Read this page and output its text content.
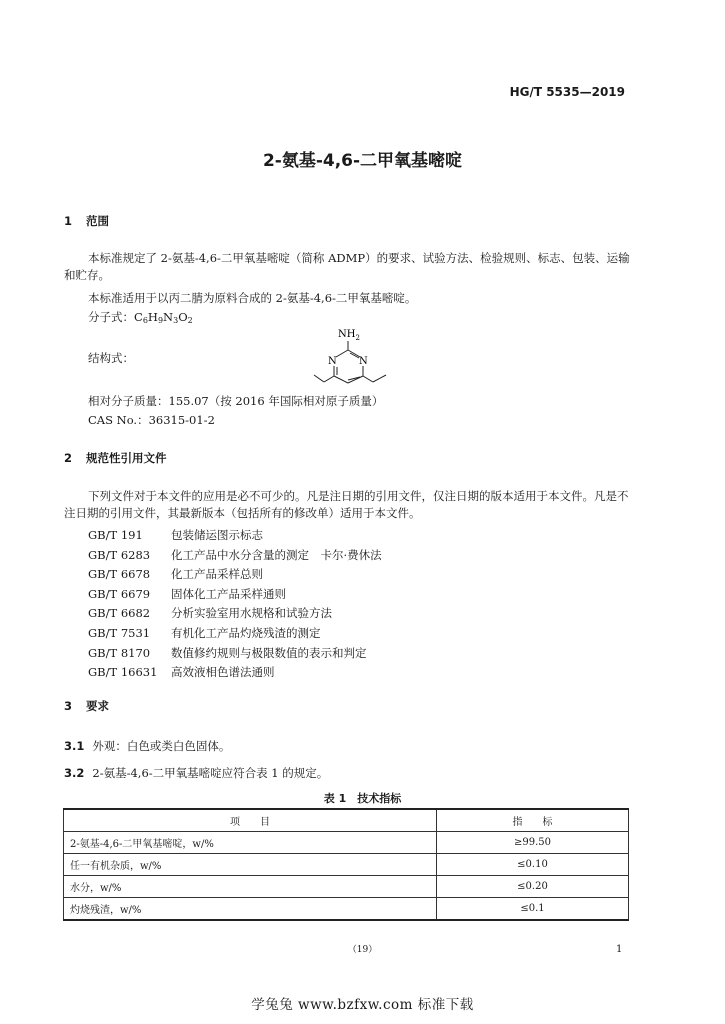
HG/T 5535—2019
2-氨基-4,6-二甲氧基嘧啶
1 范围
本标准规定了 2-氨基-4,6-二甲氧基嘧啶（简称 ADMP）的要求、试验方法、检验规则、标志、包装、运输和贮存。
本标准适用于以丙二腈为原料合成的 2-氨基-4,6-二甲氧基嘧啶。
分子式：$C_6H_9N_3O_2$
结构式：
$NH_2$
N N
相对分子质量：155.07（按 2016 年国际相对原子质量）
CAS No.：36315-01-2
2 规范性引用文件
下列文件对于本文件的应用是必不可少的。凡是注日期的引用文件，仅注日期的版本适用于本文件。凡是不注日期的引用文件，其最新版本（包括所有的修改单）适用于本文件。
GB/T 191 包装储运图示标志
GB/T 6283 化工产品中水分含量的测定　卡尔·费休法
GB/T 6678 化工产品采样总则
GB/T 6679 固体化工产品采样通则
GB/T 6682 分析实验室用水规格和试验方法
GB/T 7531 有机化工产品灼烧残渣的测定
GB/T 8170 数值修约规则与极限数值的表示和判定
GB/T 16631 高效液相色谱法通则
3 要求
3.1 外观：白色或类白色固体。
3.2 2-氨基-4,6-二甲氧基嘧啶应符合表 1 的规定。
表 1　技术指标
项　　目	指　　标
2-氨基-4,6-二甲氧基嘧啶，w/%	≥99.50
任一有机杂质，w/%	≤0.10
水分，w/%	≤0.20
灼烧残渣，w/%	≤0.1
（19）	1
学兔兔 www.bzfxw.com 标准下载
